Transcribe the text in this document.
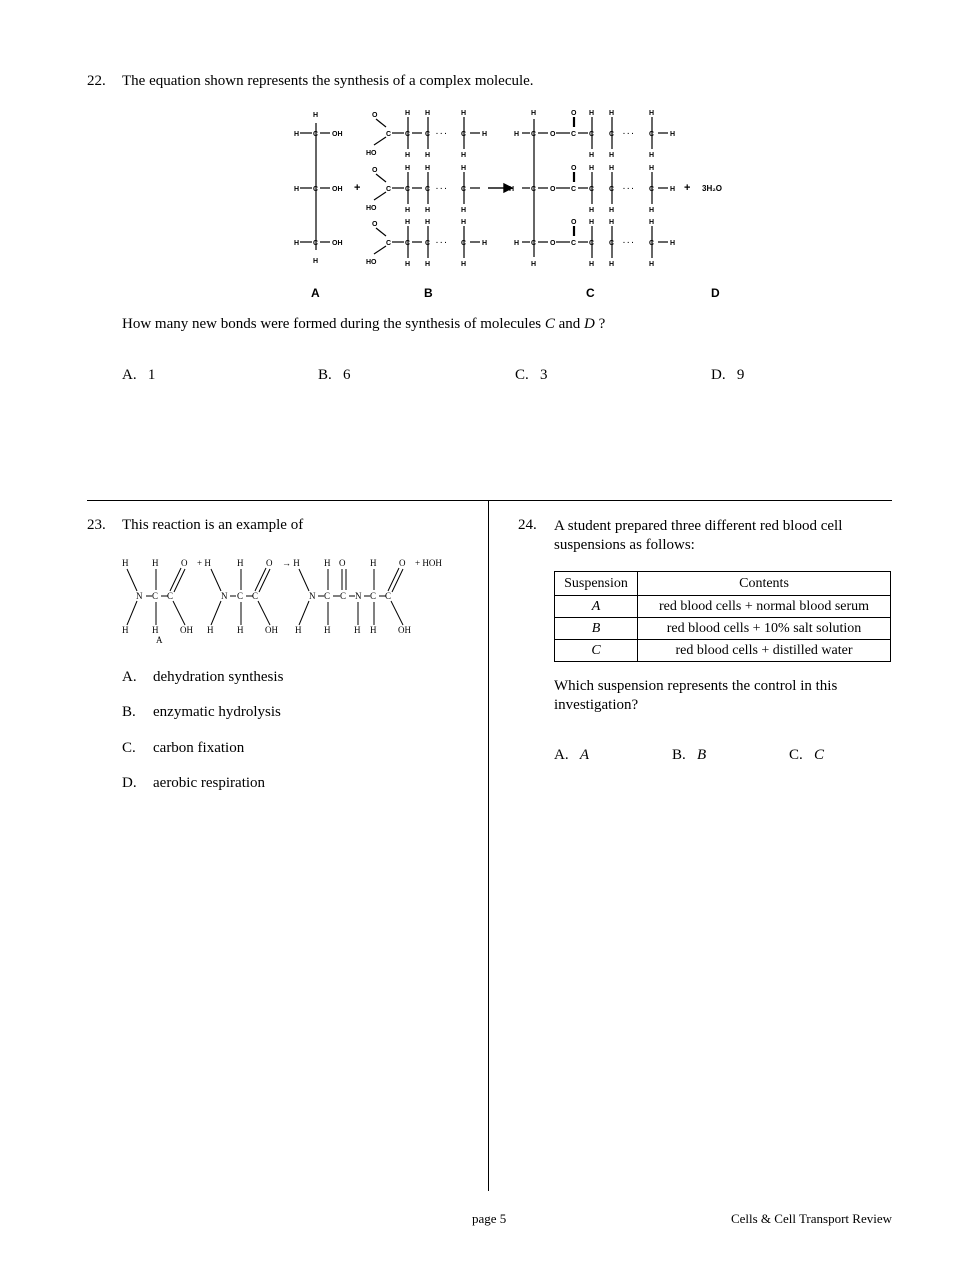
22. The equation shown represents the synthesis of a complex molecule.
H
H C OH
H C OH
H C OH
H
+
O
C C C · · · C H
H H	H
H H	H
HO
O
C C C · · · C
H H	H
H H	H
HO
O
C C C · · · C H
H H	H
H H	H
HO
H
H C O C C C · · · C H
O H H	H
H H	H
H C O C C C · · · C H
O H H	H
H H	H
H C O C C C · · · C H
O H H	H
H	H H	H
+ 3H₂O
A	B	C	D
How many new bonds were formed during the synthesis of molecules C and D ?
A. 1	B. 6	C. 3	D. 9
23. This reaction is an example of
H	H	O
N C C
H	H OH
A
+ H	H	O
N C C
H	H OH
→ H	H O	H	O
N C C N C C
H	H	H H OH
+ HOH
A. dehydration synthesis
B. enzymatic hydrolysis
C. carbon fixation
D. aerobic respiration
24. A student prepared three different red blood cell
suspensions as follows:
Suspension	Contents
A	red blood cells + normal blood serum
B	red blood cells + 10% salt solution
C	red blood cells + distilled water
Which suspension represents the control in this
investigation?
A. A	B. B	C. C
page 5	Cells & Cell Transport Review
